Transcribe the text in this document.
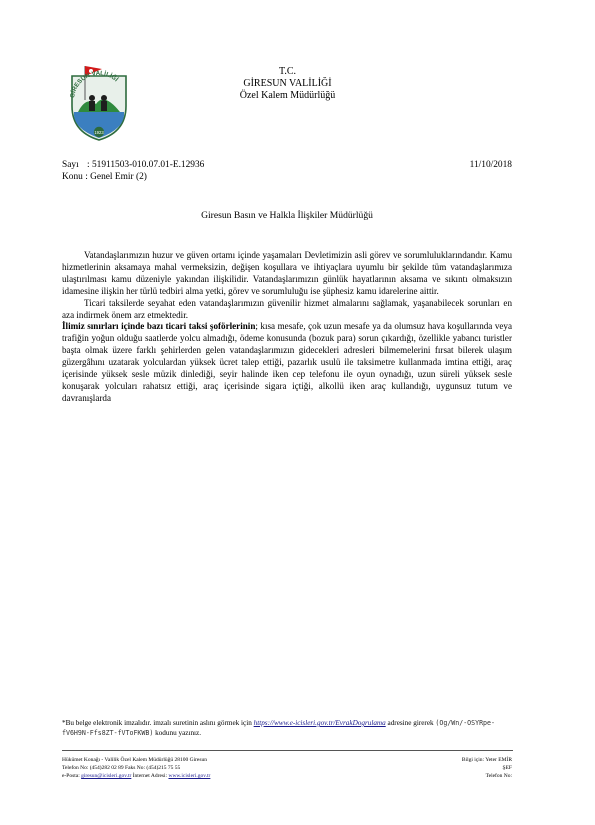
GİRESUN VALİLİĞİ
1923
T.C.
GİRESUN VALİLİĞİ
Özel Kalem Müdürlüğü
Sayı : 51911503-010.07.01-E.12936	11/10/2018
Konu : Genel Emir (2)
Giresun Basın ve Halkla İlişkiler Müdürlüğü

Vatandaşlarımızın huzur ve güven ortamı içinde yaşamaları Devletimizin asli görev ve sorumluluklarındandır. Kamu hizmetlerinin aksamaya mahal vermeksizin, değişen koşullara ve ihtiyaçlara uyumlu bir şekilde tüm vatandaşlarımıza ulaştırılması kamu düzeniyle yakından ilişkilidir. Vatandaşlarımızın günlük hayatlarının aksama ve sıkıntı olmaksızın idamesine ilişkin her türlü tedbiri alma yetki, görev ve sorumluluğu ise şüphesiz kamu idarelerine aittir.

Ticari taksilerde seyahat eden vatandaşlarımızın güvenilir hizmet almalarını sağlamak, yaşanabilecek sorunları en aza indirmek önem arz etmektedir.

İlimiz sınırları içinde bazı ticari taksi şoförlerinin; kısa mesafe, çok uzun mesafe ya da olumsuz hava koşullarında veya trafiğin yoğun olduğu saatlerde yolcu almadığı, ödeme konusunda (bozuk para) sorun çıkardığı, özellikle yabancı turistler başta olmak üzere farklı şehirlerden gelen vatandaşlarımızın gidecekleri adresleri bilmemelerini fırsat bilerek ulaşım güzergâhını uzatarak yolculardan yüksek ücret talep ettiği, pazarlık usulü ile taksimetre kullanmada imtina ettiği, araç içerisinde yüksek sesle müzik dinlediği, seyir halinde iken cep telefonu ile oyun oynadığı, uzun süreli yüksek sesle konuşarak yolcuları rahatsız ettiği, araç içerisinde sigara içtiği, alkollü iken araç kullandığı, uygunsuz tutum ve davranışlarda

*Bu belge elektronik imzalıdır. imzalı suretinin aslını görmek için https://www.e-icisleri.gov.tr/EvrakDogrulama adresine girerek (Og/Wn/-OSYRpe-fV6H9N-Ffs8ZT-fVToFKWB) kodunu yazınız.
Hükümet Konağı - Valilik Özel Kalem Müdürlüğü 28100 Giresun
Telefon No: (454)282 02 89 Faks No: (454)215 75 55
e-Posta: giresun@icisleri.gov.tr İnternet Adresi: www.icisleri.gov.tr
Bilgi için: Yeter EMİR
ŞEF
Telefon No:
